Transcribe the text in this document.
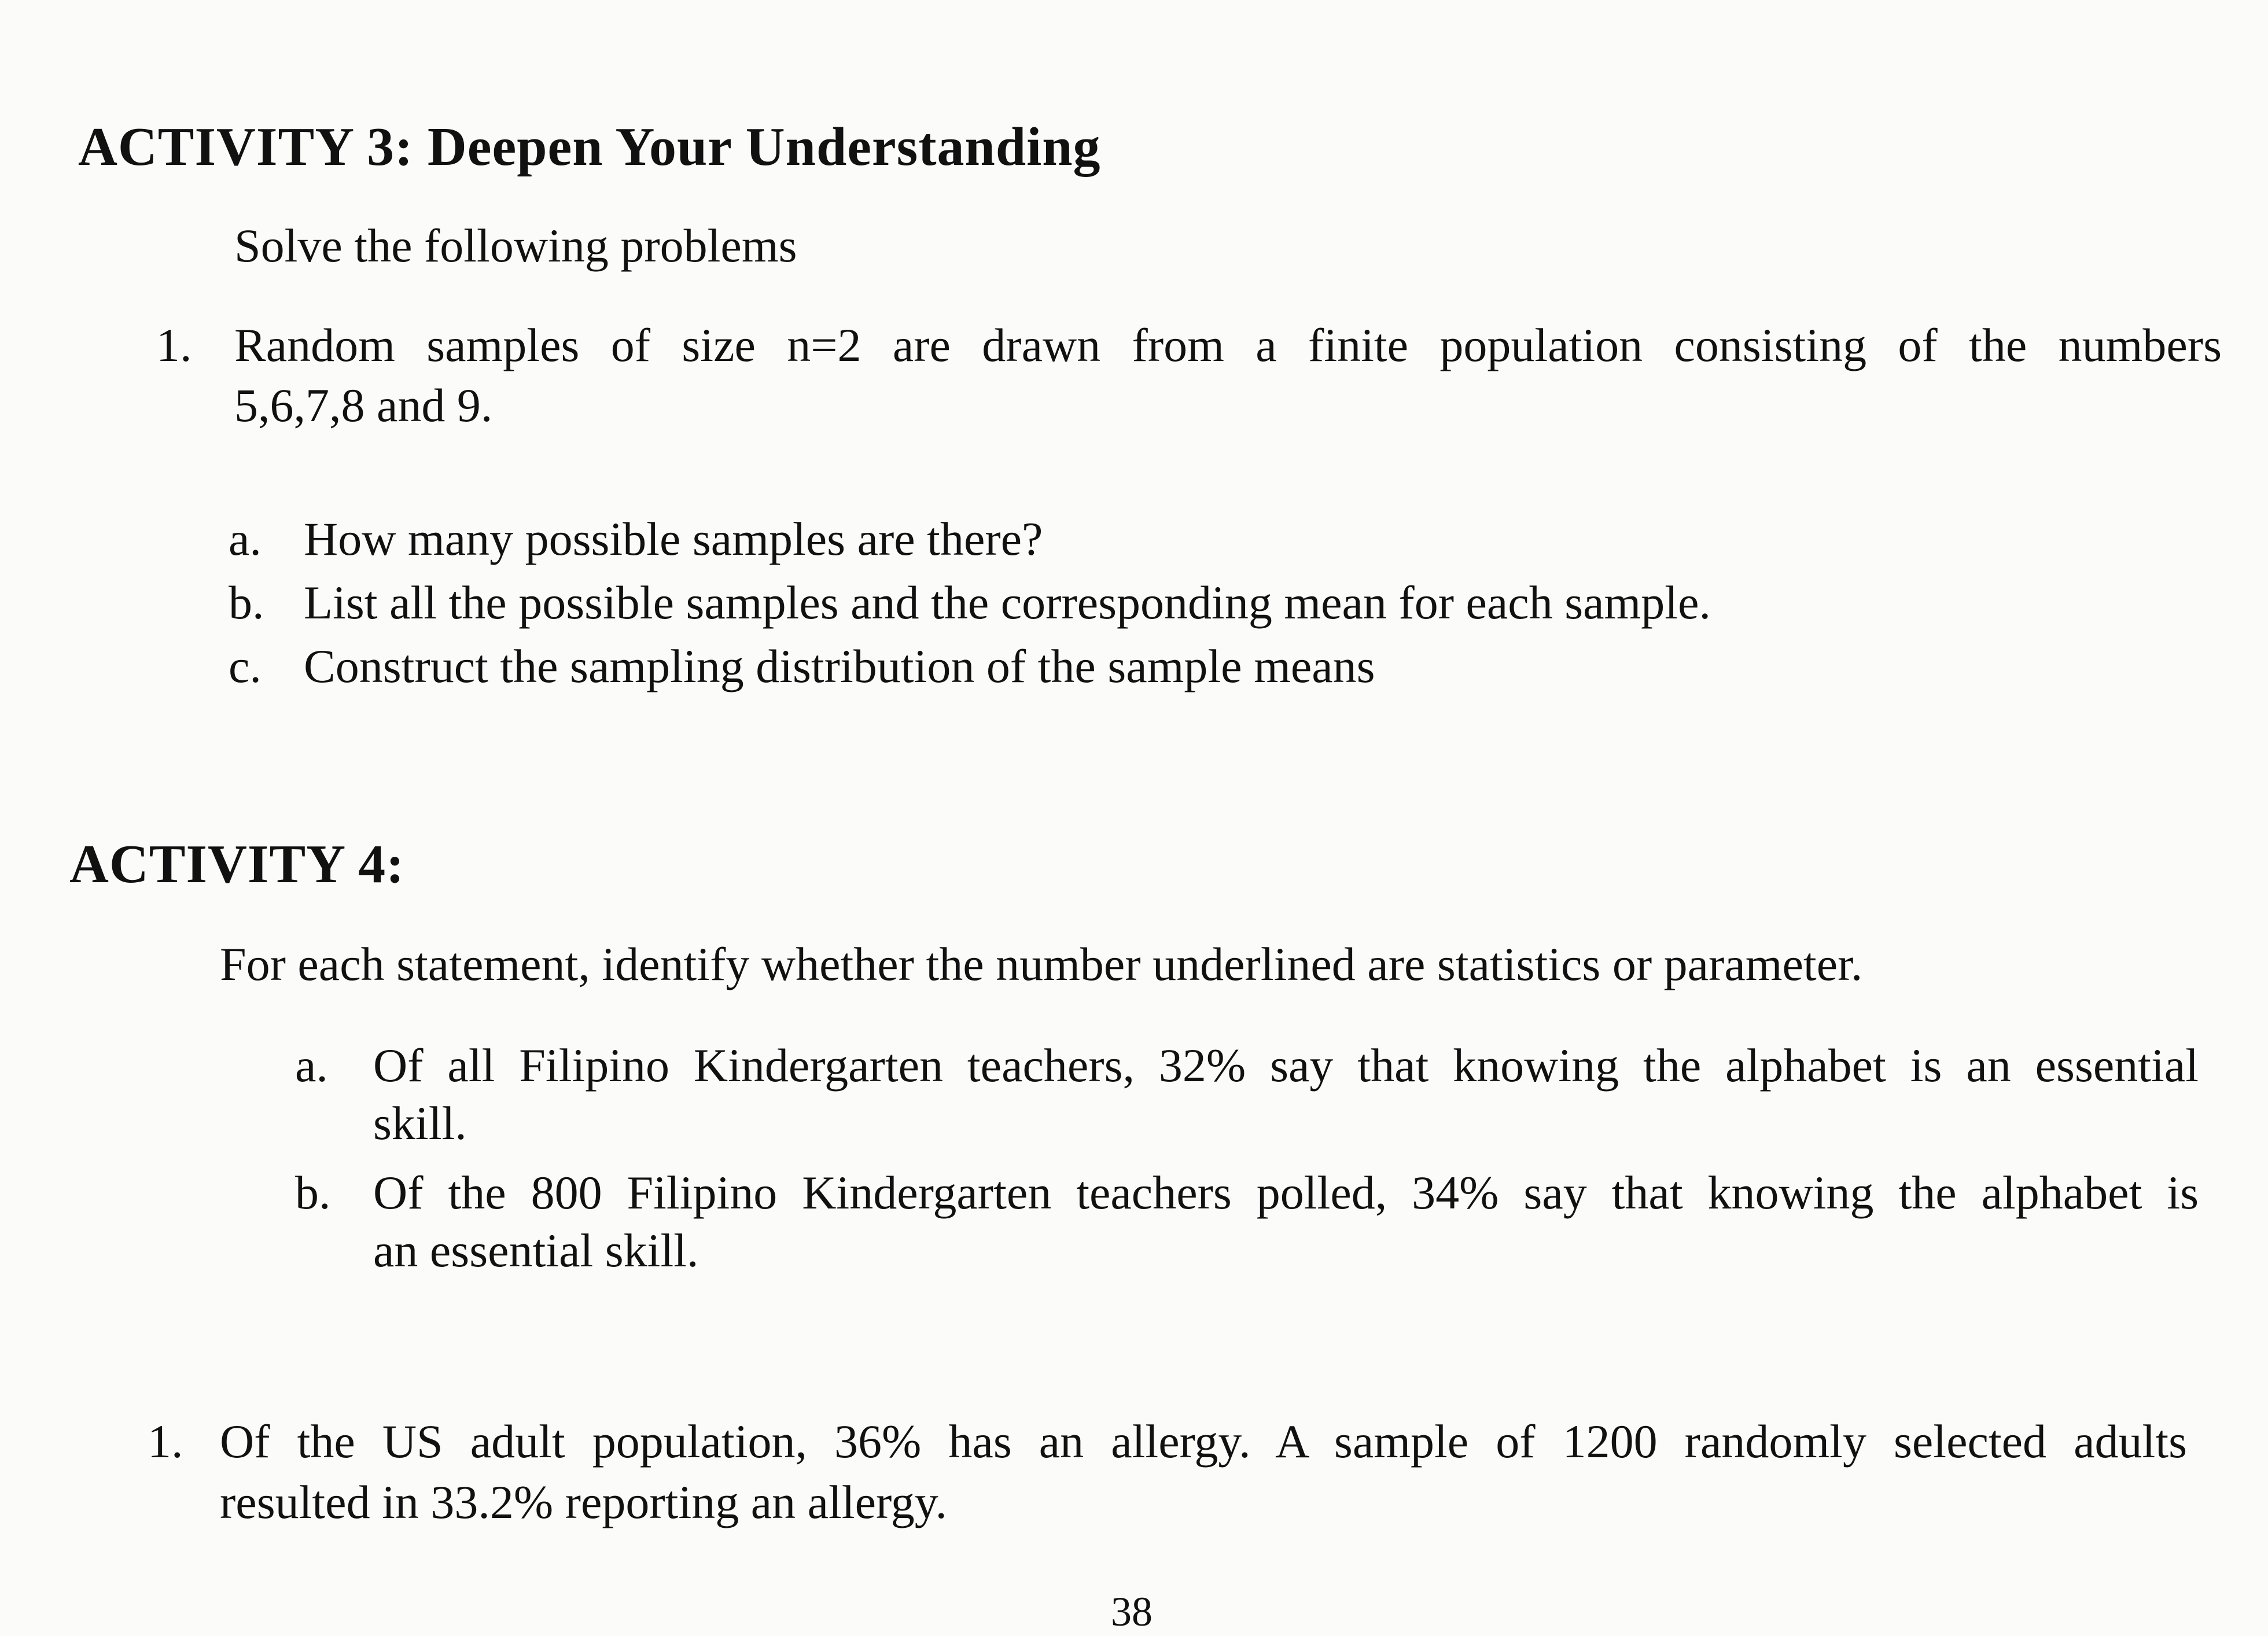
ACTIVITY 3: Deepen Your Understanding
Solve the following problems
1. Random samples of size n=2 are drawn from a finite population consisting of the numbers
5,6,7,8 and 9.
a. How many possible samples are there?
b. List all the possible samples and the corresponding mean for each sample.
c. Construct the sampling distribution of the sample means
ACTIVITY 4:
For each statement, identify whether the number underlined are statistics or parameter.
a. Of all Filipino Kindergarten teachers, 32% say that knowing the alphabet is an essential
skill.
b. Of the 800 Filipino Kindergarten teachers polled, 34% say that knowing the alphabet is
an essential skill.
1. Of the US adult population, 36% has an allergy. A sample of 1200 randomly selected adults
resulted in 33.2% reporting an allergy.
38
